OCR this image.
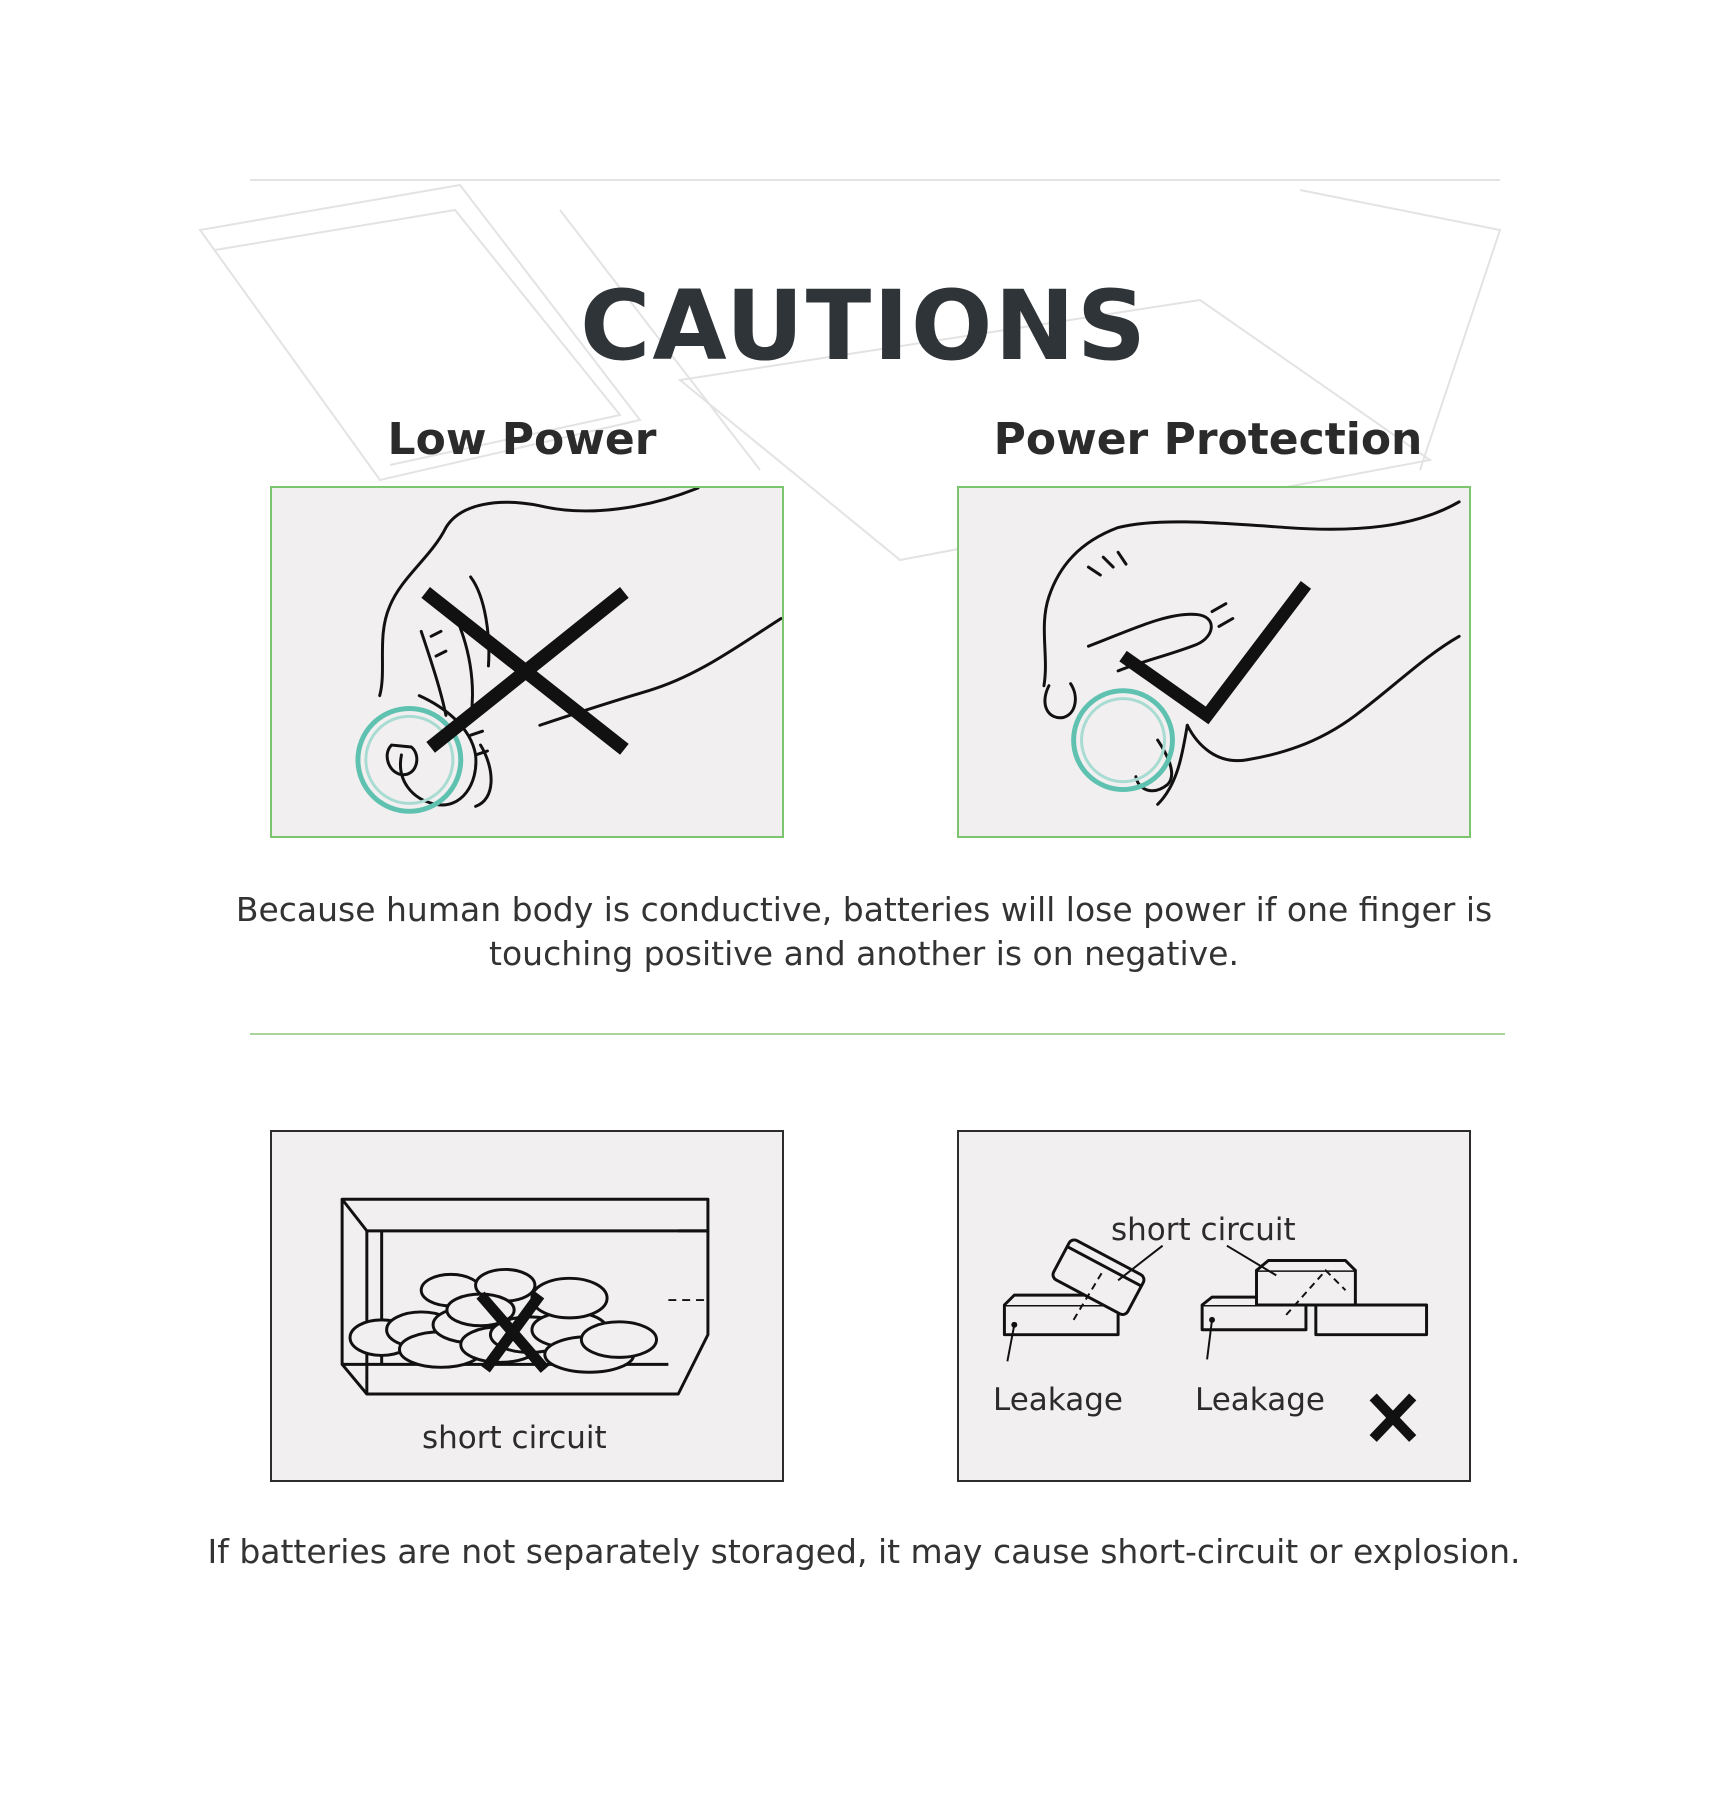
CAUTIONS
Low Power	Power Protection
Because human body is conductive, batteries will lose power if one finger is touching positive and another is on negative.
short circuit
short circuit
Leakage Leakage
If batteries are not separately storaged, it may cause short-circuit or explosion.
